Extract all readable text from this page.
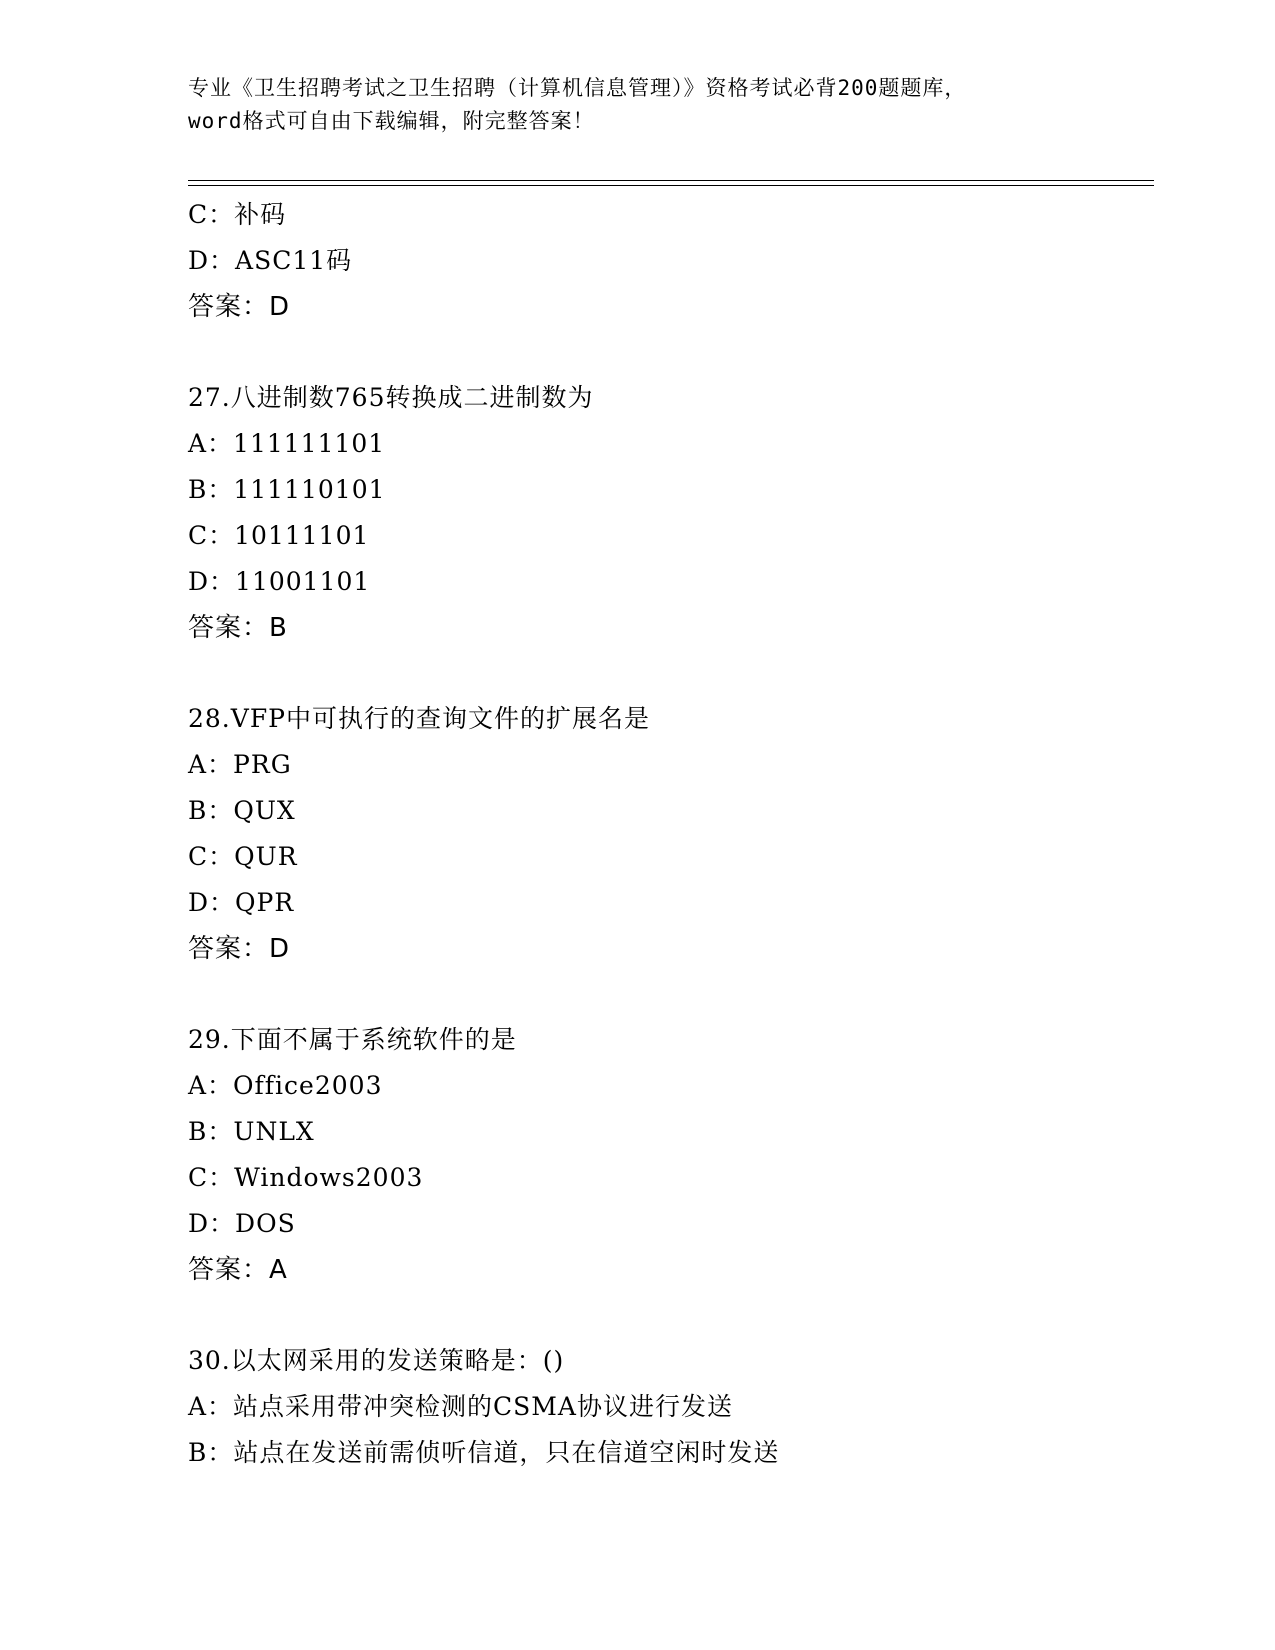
专业《卫生招聘考试之卫生招聘（计算机信息管理）》资格考试必背200题题库，
word格式可自由下载编辑，附完整答案！
C：补码
D：ASC11码
答案：D
27.八进制数765转换成二进制数为
A：111111101
B：111110101
C：10111101
D：11001101
答案：B
28.VFP中可执行的查询文件的扩展名是
A：PRG
B：QUX
C：QUR
D：QPR
答案：D
29.下面不属于系统软件的是
A：Office2003
B：UNLX
C：Windows2003
D：DOS
答案：A
30.以太网采用的发送策略是：()
A：站点采用带冲突检测的CSMA协议进行发送
B：站点在发送前需侦听信道，只在信道空闲时发送
